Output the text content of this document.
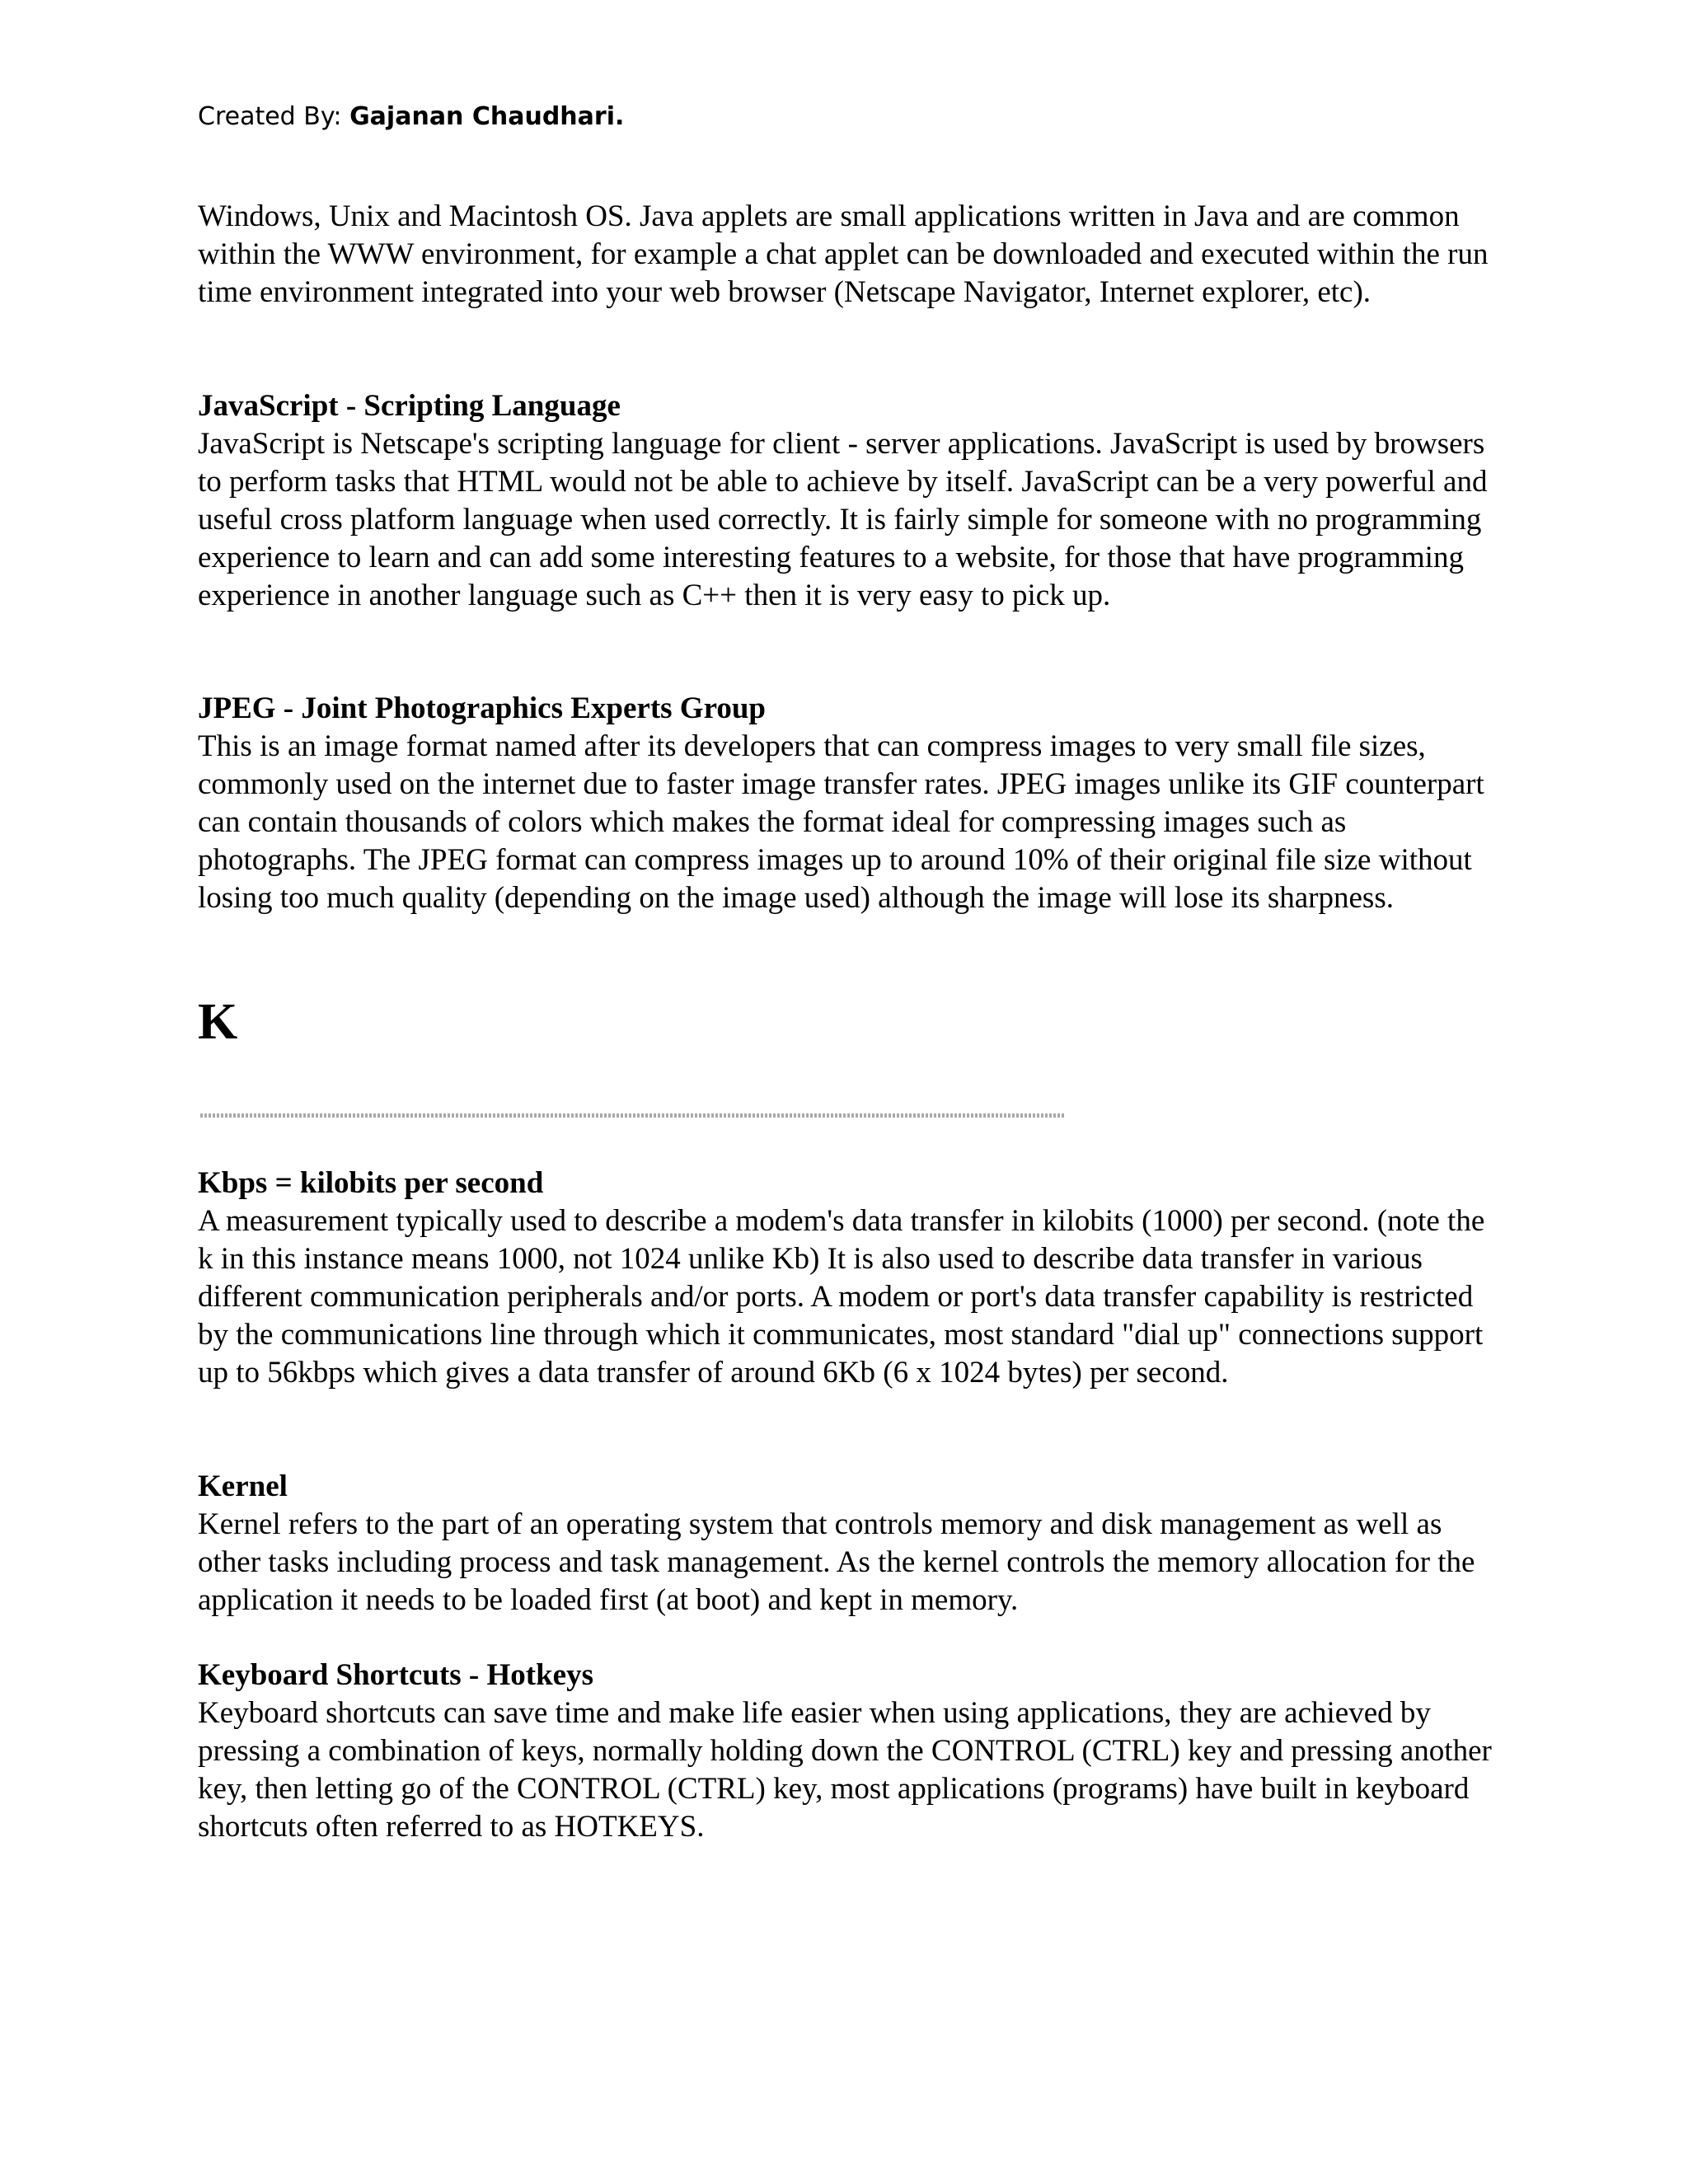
Created By: Gajanan Chaudhari.

Windows, Unix and Macintosh OS. Java applets are small applications written in Java and are common within the WWW environment, for example a chat applet can be downloaded and executed within the run time environment integrated into your web browser (Netscape Navigator, Internet explorer, etc).

JavaScript - Scripting Language

JavaScript is Netscape's scripting language for client - server applications. JavaScript is used by browsers to perform tasks that HTML would not be able to achieve by itself. JavaScript can be a very powerful and useful cross platform language when used correctly. It is fairly simple for someone with no programming experience to learn and can add some interesting features to a website, for those that have programming experience in another language such as C++ then it is very easy to pick up.

JPEG - Joint Photographics Experts Group

This is an image format named after its developers that can compress images to very small file sizes, commonly used on the internet due to faster image transfer rates. JPEG images unlike its GIF counterpart can contain thousands of colors which makes the format ideal for compressing images such as photographs. The JPEG format can compress images up to around 10% of their original file size without losing too much quality (depending on the image used) although the image will lose its sharpness.

K

Kbps = kilobits per second

A measurement typically used to describe a modem's data transfer in kilobits (1000) per second. (note the k in this instance means 1000, not 1024 unlike Kb) It is also used to describe data transfer in various different communication peripherals and/or ports. A modem or port's data transfer capability is restricted by the communications line through which it communicates, most standard "dial up" connections support up to 56kbps which gives a data transfer of around 6Kb (6 x 1024 bytes) per second.

Kernel

Kernel refers to the part of an operating system that controls memory and disk management as well as other tasks including process and task management. As the kernel controls the memory allocation for the application it needs to be loaded first (at boot) and kept in memory.

Keyboard Shortcuts - Hotkeys

Keyboard shortcuts can save time and make life easier when using applications, they are achieved by pressing a combination of keys, normally holding down the CONTROL (CTRL) key and pressing another key, then letting go of the CONTROL (CTRL) key, most applications (programs) have built in keyboard shortcuts often referred to as HOTKEYS.
